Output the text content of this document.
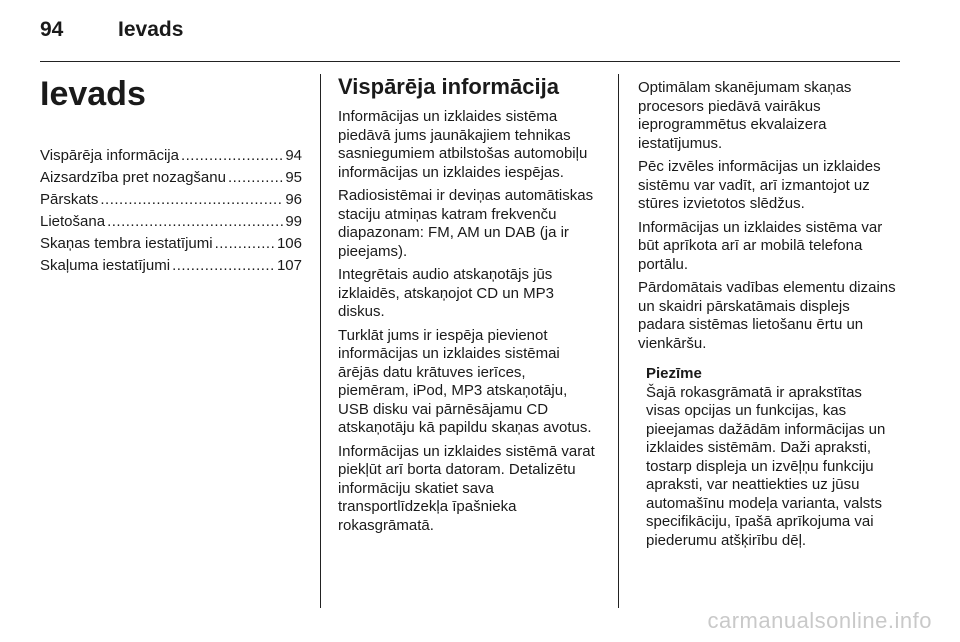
94	Ievads
Ievads
Vispārēja informācija .....	94
Aizsardzība pret nozagšanu .....	95
Pārskats .....	96
Lietošana .....	99
Skaņas tembra iestatījumi .....	106
Skaļuma iestatījumi .....	107
Vispārēja informācija

Informācijas un izklaides sistēma piedāvā jums jaunākajiem tehnikas sasniegumiem atbilstošas automobiļu informācijas un izklaides iespējas.

Radiosistēmai ir deviņas automātiskas staciju atmiņas katram frekvenču diapazonam: FM, AM un DAB (ja ir pieejams).

Integrētais audio atskaņotājs jūs izklaidēs, atskaņojot CD un MP3 diskus.

Turklāt jums ir iespēja pievienot informācijas un izklaides sistēmai ārējās datu krātuves ierīces, piemēram, iPod, MP3 atskaņotāju, USB disku vai pārnēsājamu CD atskaņotāju kā papildu skaņas avotus.

Informācijas un izklaides sistēmā varat piekļūt arī borta datoram. Detalizētu informāciju skatiet sava transportlīdzekļa īpašnieka rokasgrāmatā.

Optimālam skanējumam skaņas procesors piedāvā vairākus ieprogrammētus ekvalaizera iestatījumus.

Pēc izvēles informācijas un izklaides sistēmu var vadīt, arī izmantojot uz stūres izvietotos slēdžus.

Informācijas un izklaides sistēma var būt aprīkota arī ar mobilā telefona portālu.

Pārdomātais vadības elementu dizains un skaidri pārskatāmais displejs padara sistēmas lietošanu ērtu un vienkāršu.

Piezīme

Šajā rokasgrāmatā ir aprakstītas visas opcijas un funkcijas, kas pieejamas dažādām informācijas un izklaides sistēmām. Daži apraksti, tostarp displeja un izvēļņu funkciju apraksti, var neattiekties uz jūsu automašīnu modeļa varianta, valsts specifikāciju, īpašā aprīkojuma vai piederumu atšķirību dēļ.

carmanualsonline.info
